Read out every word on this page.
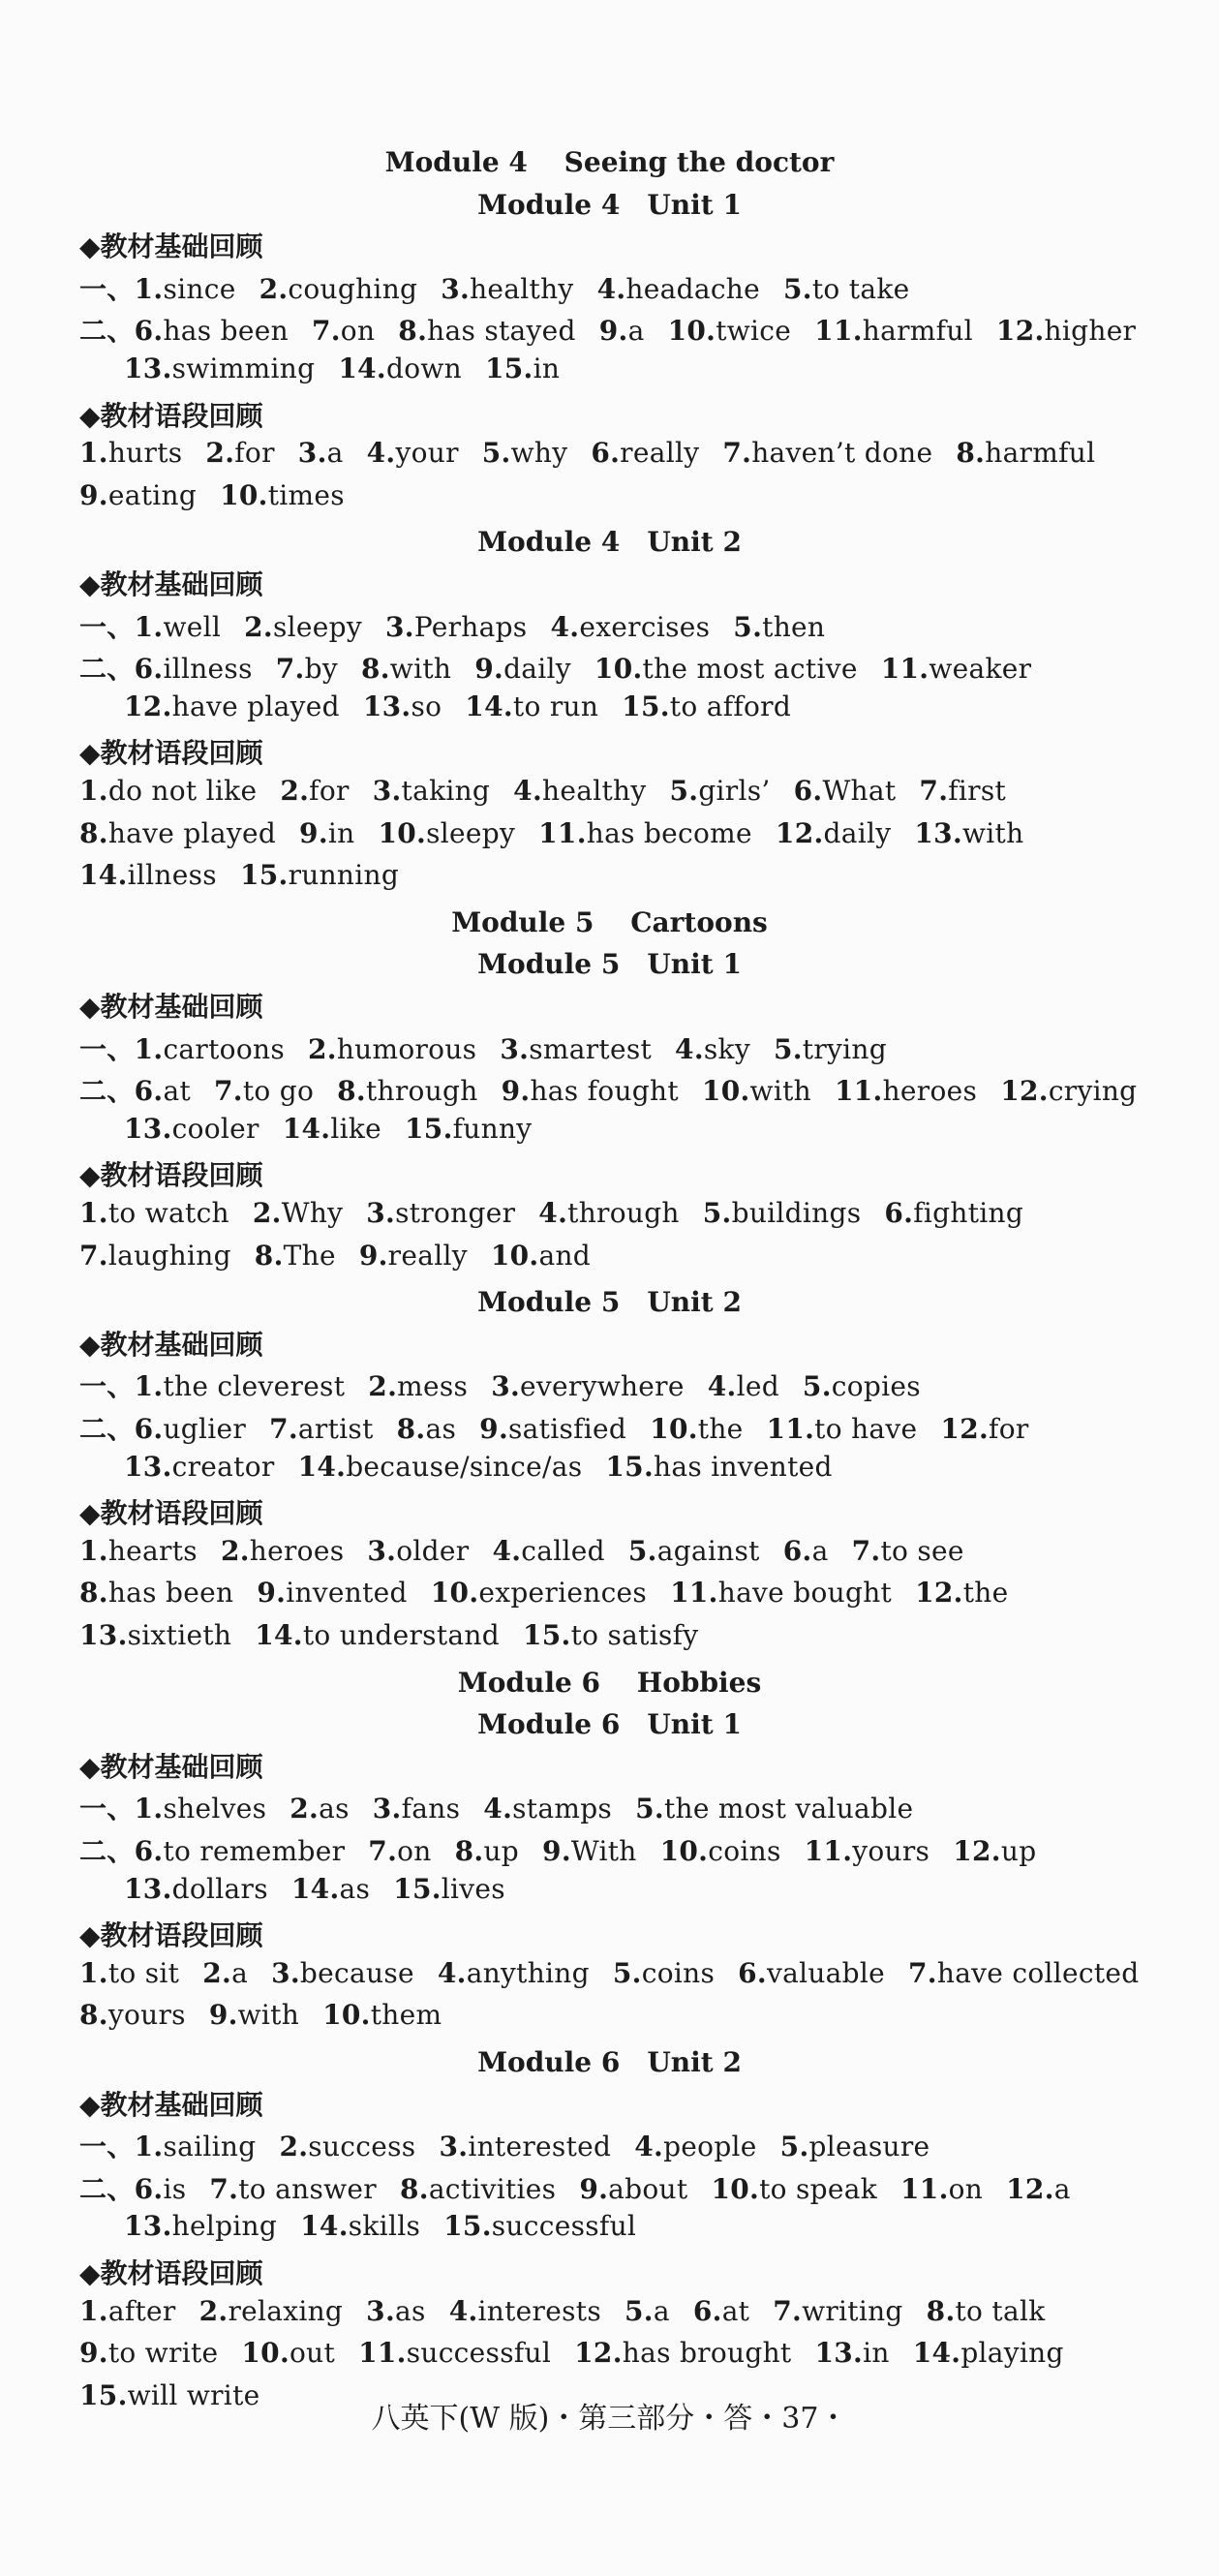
Module 4　 Seeing the doctor
Module 4　Unit 1
◆教材基础回顾
一、1.since 2.coughing 3.healthy 4.headache 5.to take
二、6.has been 7.on 8.has stayed 9.a 10.twice 11.harmful 12.higher
13.swimming 14.down 15.in
◆教材语段回顾
1.hurts 2.for 3.a 4.your 5.why 6.really 7.haven’t done 8.harmful
9.eating 10.times
Module 4　Unit 2
◆教材基础回顾
一、1.well 2.sleepy 3.Perhaps 4.exercises 5.then
二、6.illness 7.by 8.with 9.daily 10.the most active 11.weaker
12.have played 13.so 14.to run 15.to afford
◆教材语段回顾
1.do not like 2.for 3.taking 4.healthy 5.girls’ 6.What 7.first
8.have played 9.in 10.sleepy 11.has become 12.daily 13.with
14.illness 15.running
Module 5　 Cartoons
Module 5　Unit 1
◆教材基础回顾
一、1.cartoons 2.humorous 3.smartest 4.sky 5.trying
二、6.at 7.to go 8.through 9.has fought 10.with 11.heroes 12.crying
13.cooler 14.like 15.funny
◆教材语段回顾
1.to watch 2.Why 3.stronger 4.through 5.buildings 6.fighting
7.laughing 8.The 9.really 10.and
Module 5　Unit 2
◆教材基础回顾
一、1.the cleverest 2.mess 3.everywhere 4.led 5.copies
二、6.uglier 7.artist 8.as 9.satisfied 10.the 11.to have 12.for
13.creator 14.because/since/as 15.has invented
◆教材语段回顾
1.hearts 2.heroes 3.older 4.called 5.against 6.a 7.to see
8.has been 9.invented 10.experiences 11.have bought 12.the
13.sixtieth 14.to understand 15.to satisfy
Module 6　 Hobbies
Module 6　Unit 1
◆教材基础回顾
一、1.shelves 2.as 3.fans 4.stamps 5.the most valuable
二、6.to remember 7.on 8.up 9.With 10.coins 11.yours 12.up
13.dollars 14.as 15.lives
◆教材语段回顾
1.to sit 2.a 3.because 4.anything 5.coins 6.valuable 7.have collected
8.yours 9.with 10.them
Module 6　Unit 2
◆教材基础回顾
一、1.sailing 2.success 3.interested 4.people 5.pleasure
二、6.is 7.to answer 8.activities 9.about 10.to speak 11.on 12.a
13.helping 14.skills 15.successful
◆教材语段回顾
1.after 2.relaxing 3.as 4.interests 5.a 6.at 7.writing 8.to talk
9.to write 10.out 11.successful 12.has brought 13.in 14.playing
15.will write
八英下(W 版)・第三部分・答・37・
